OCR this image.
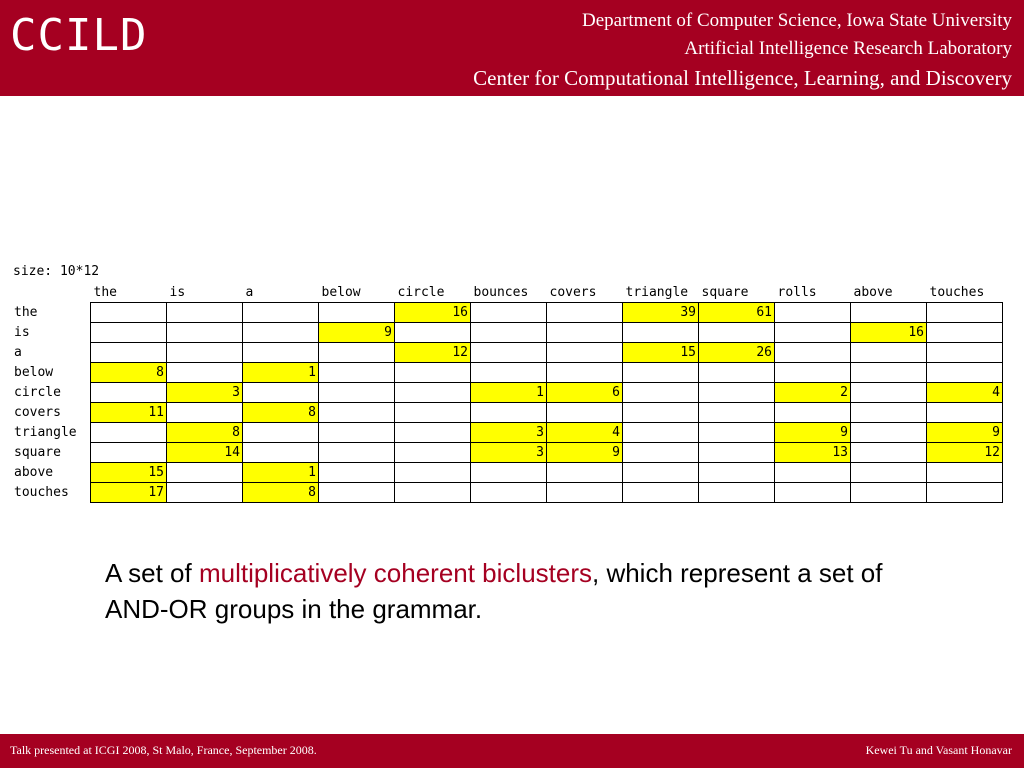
CCILD	Department of Computer Science, Iowa State University
Artificial Intelligence Research Laboratory
Center for Computational Intelligence, Learning, and Discovery
size: 10*12
	the	is	a	below	circle	bounces	covers	triangle	square	rolls	above	touches
the					16			39	61			
is				9							16	
a					12			15	26			
below	8		1									
circle		3				1	6			2		4
covers	11		8									
triangle		8				3	4			9		9
square		14				3	9			13		12
above	15		1									
touches	17		8									
A set of multiplicatively coherent biclusters, which represent a set of AND-OR groups in the grammar.
Talk presented at ICGI 2008, St Malo, France, September 2008.	Kewei Tu and Vasant Honavar
